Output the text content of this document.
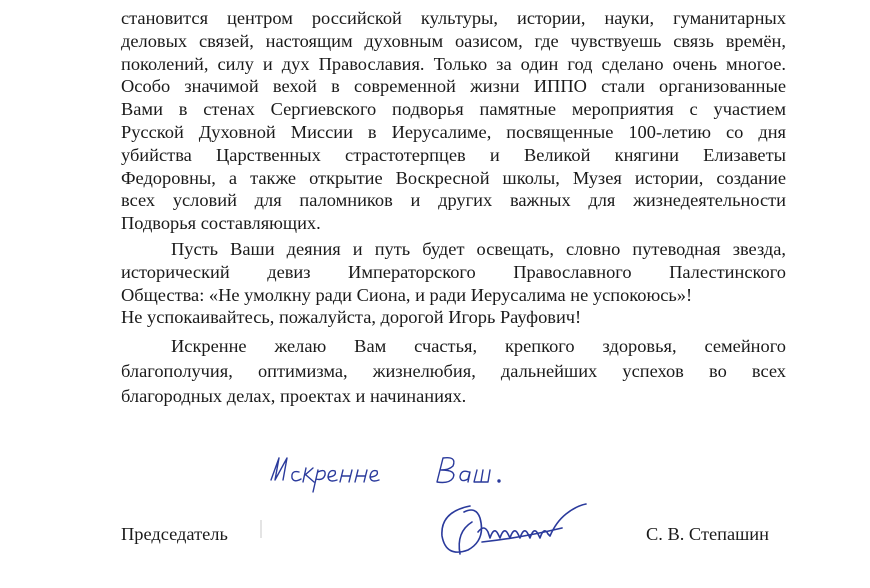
становится центром российской культуры, истории, науки, гуманитарных
деловых связей, настоящим духовным оазисом, где чувствуешь связь времён,
поколений, силу и дух Православия. Только за один год сделано очень многое.
Особо значимой вехой в современной жизни ИППО стали организованные
Вами в стенах Сергиевского подворья памятные мероприятия с участием
Русской Духовной Миссии в Иерусалиме, посвященные 100-летию со дня
убийства Царственных страстотерпцев и Великой княгини Елизаветы
Федоровны, а также открытие Воскресной школы, Музея истории, создание
всех условий для паломников и других важных для жизнедеятельности
Подворья составляющих.
Пусть Ваши деяния и путь будет освещать, словно путеводная звезда,
исторический девиз Императорского Православного Палестинского
Общества: «Не умолкну ради Сиона, и ради Иерусалима не успокоюсь»!
Не успокаивайтесь, пожалуйста, дорогой Игорь Рауфович!
Искренне желаю Вам счастья, крепкого здоровья, семейного
благополучия, оптимизма, жизнелюбия, дальнейших успехов во всех
благородных делах, проектах и начинаниях.
Председатель	С. В. Степашин
